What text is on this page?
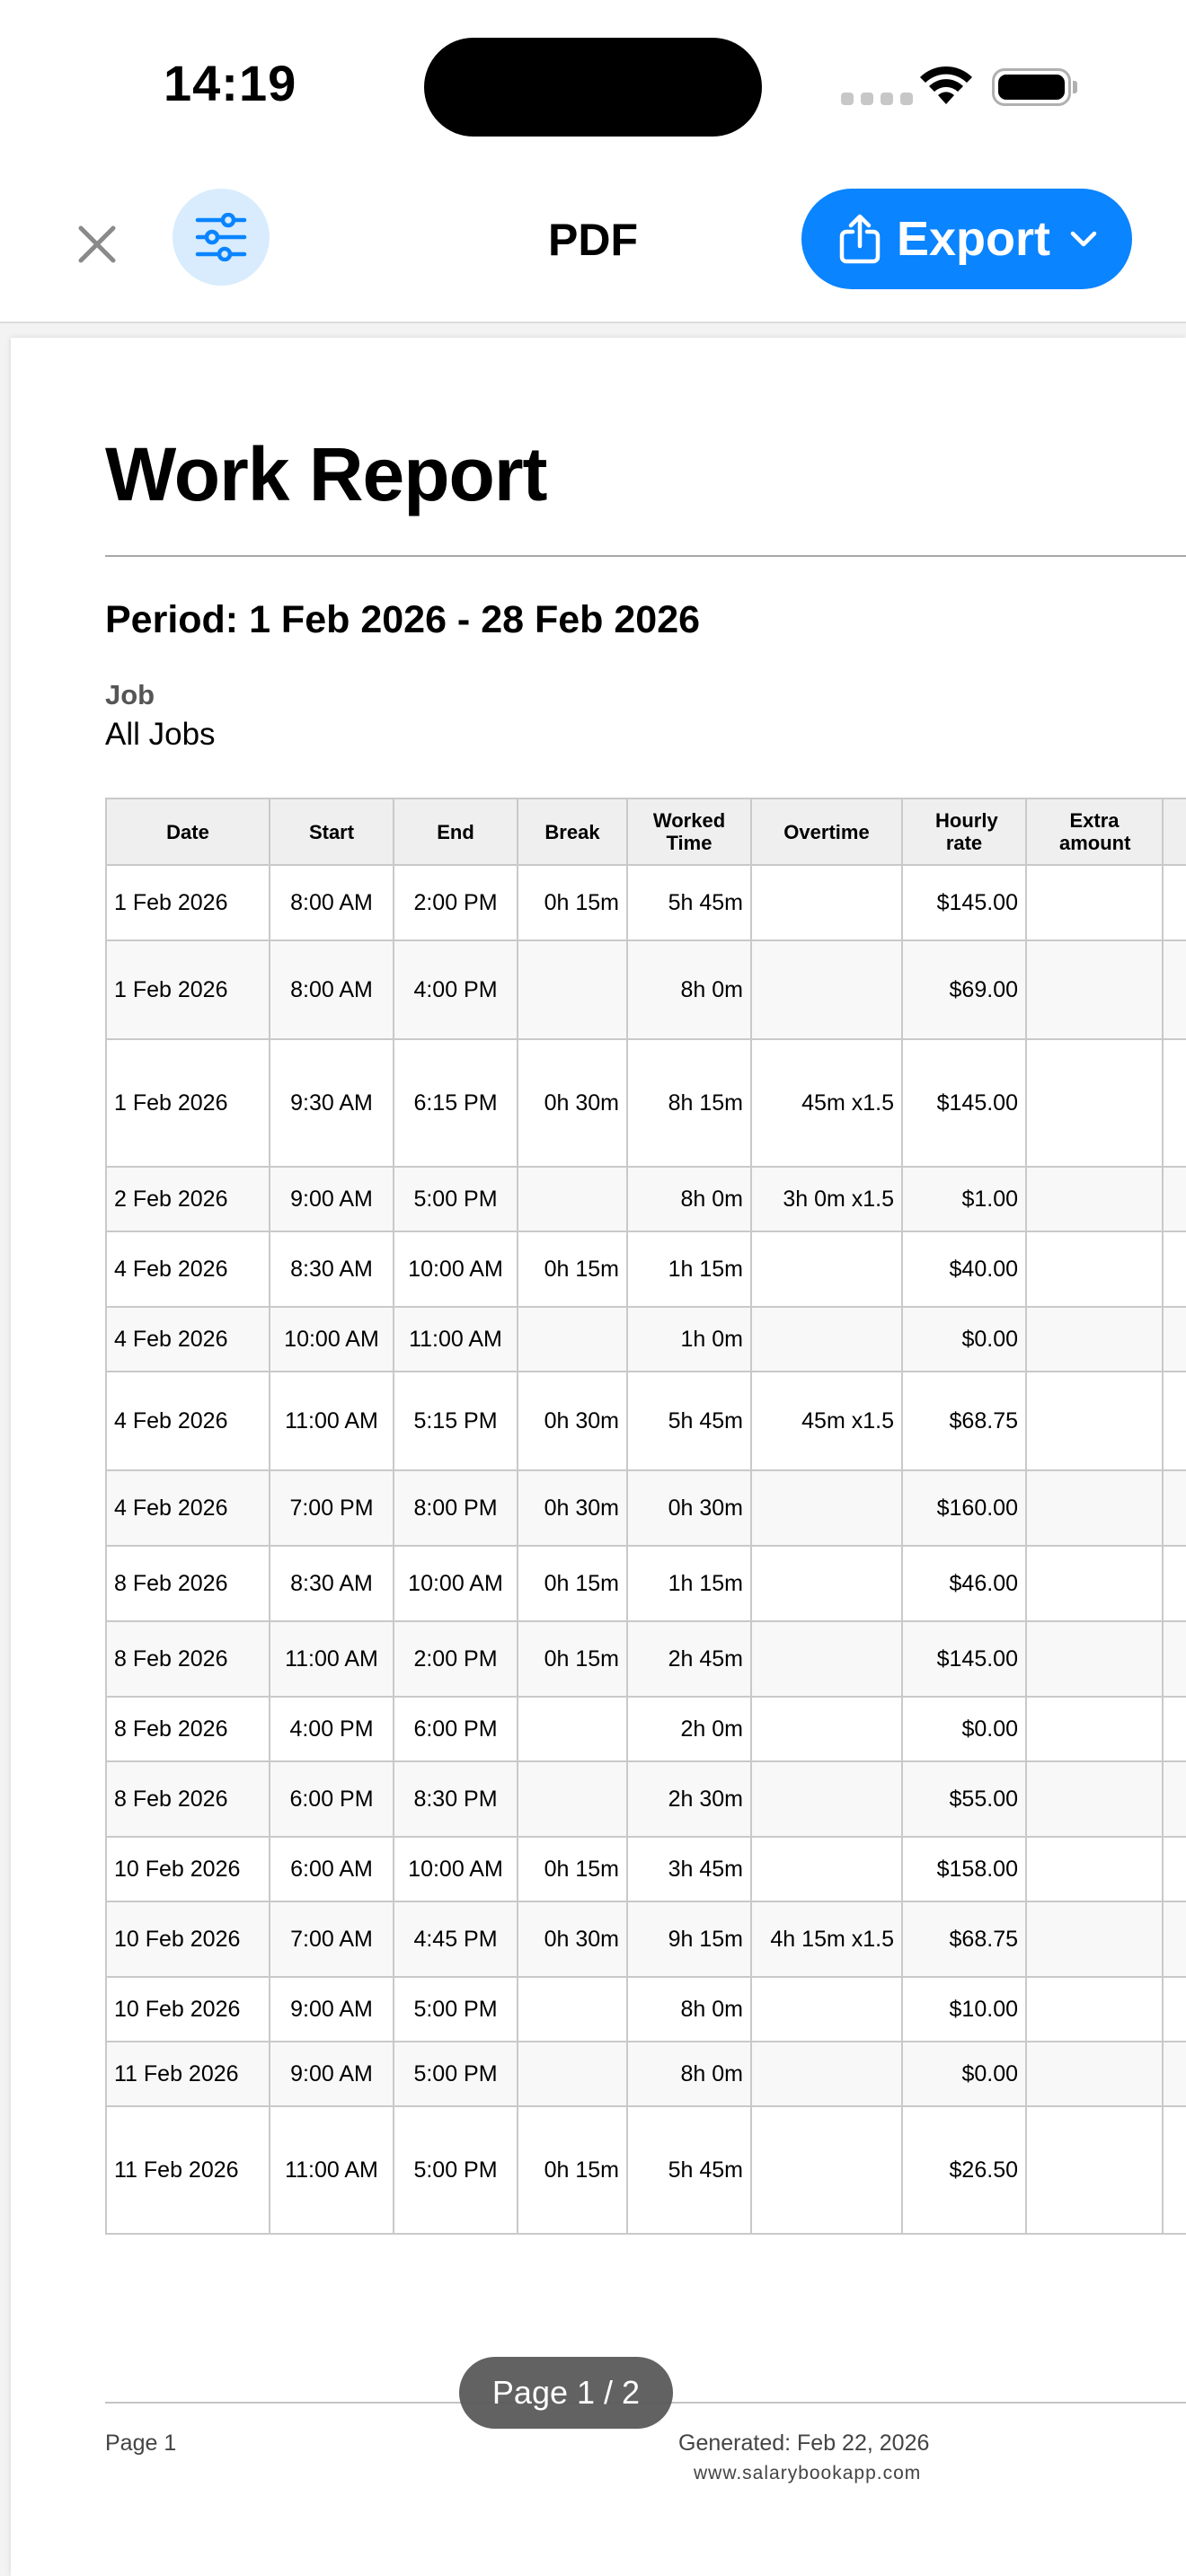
14:19
PDF	Export
Work Report
Period: 1 Feb 2026 - 28 Feb 2026
Job
All Jobs
Date	Start	End	Break	Worked Time	Overtime	Hourly rate	Extra amount	
1 Feb 2026	8:00 AM	2:00 PM	0h 15m	5h 45m		$145.00		
1 Feb 2026	8:00 AM	4:00 PM		8h 0m		$69.00		
1 Feb 2026	9:30 AM	6:15 PM	0h 30m	8h 15m	45m x1.5	$145.00		
2 Feb 2026	9:00 AM	5:00 PM		8h 0m	3h 0m x1.5	$1.00		
4 Feb 2026	8:30 AM	10:00 AM	0h 15m	1h 15m		$40.00		
4 Feb 2026	10:00 AM	11:00 AM		1h 0m		$0.00		
4 Feb 2026	11:00 AM	5:15 PM	0h 30m	5h 45m	45m x1.5	$68.75		
4 Feb 2026	7:00 PM	8:00 PM	0h 30m	0h 30m		$160.00		
8 Feb 2026	8:30 AM	10:00 AM	0h 15m	1h 15m		$46.00		
8 Feb 2026	11:00 AM	2:00 PM	0h 15m	2h 45m		$145.00		
8 Feb 2026	4:00 PM	6:00 PM		2h 0m		$0.00		
8 Feb 2026	6:00 PM	8:30 PM		2h 30m		$55.00		
10 Feb 2026	6:00 AM	10:00 AM	0h 15m	3h 45m		$158.00		
10 Feb 2026	7:00 AM	4:45 PM	0h 30m	9h 15m	4h 15m x1.5	$68.75		
10 Feb 2026	9:00 AM	5:00 PM		8h 0m		$10.00		
11 Feb 2026	9:00 AM	5:00 PM		8h 0m		$0.00		
11 Feb 2026	11:00 AM	5:00 PM	0h 15m	5h 45m		$26.50		
Page 1	Generated: Feb 22, 2026
www.salarybookapp.com
Page 1 / 2
